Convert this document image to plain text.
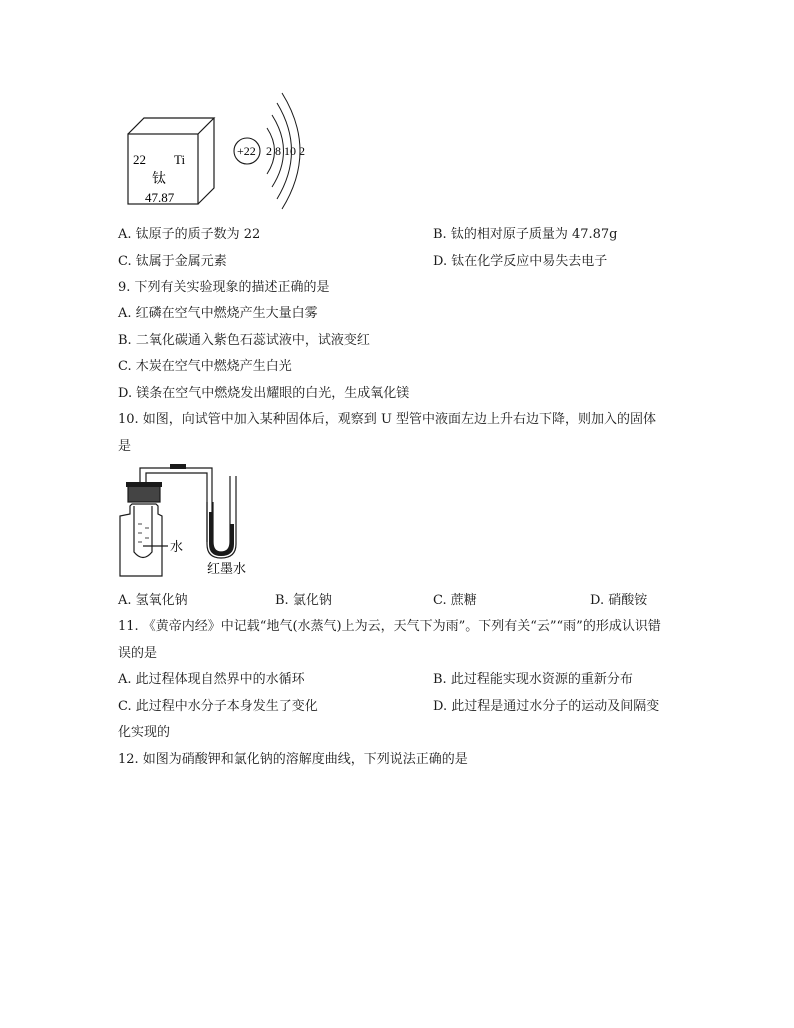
22 Ti
钛
47.87
+22 2 8 10 2
A. 钛原子的质子数为 22	B. 钛的相对原子质量为 47.87g
C. 钛属于金属元素	D. 钛在化学反应中易失去电子
9. 下列有关实验现象的描述正确的是
A. 红磷在空气中燃烧产生大量白雾
B. 二氧化碳通入紫色石蕊试液中，试液变红
C. 木炭在空气中燃烧产生白光
D. 镁条在空气中燃烧发出耀眼的白光，生成氧化镁
10. 如图，向试管中加入某种固体后，观察到 U 型管中液面左边上升右边下降，则加入的固体
是
水
红墨水
A. 氢氧化钠	B. 氯化钠	C. 蔗糖	D. 硝酸铵
11. 《黄帝内经》中记载“地气(水蒸气)上为云，天气下为雨”。下列有关“云”“雨”的形成认识错
误的是
A. 此过程体现自然界中的水循环	B. 此过程能实现水资源的重新分布
C. 此过程中水分子本身发生了变化	D. 此过程是通过水分子的运动及间隔变
化实现的
12. 如图为硝酸钾和氯化钠的溶解度曲线，下列说法正确的是
